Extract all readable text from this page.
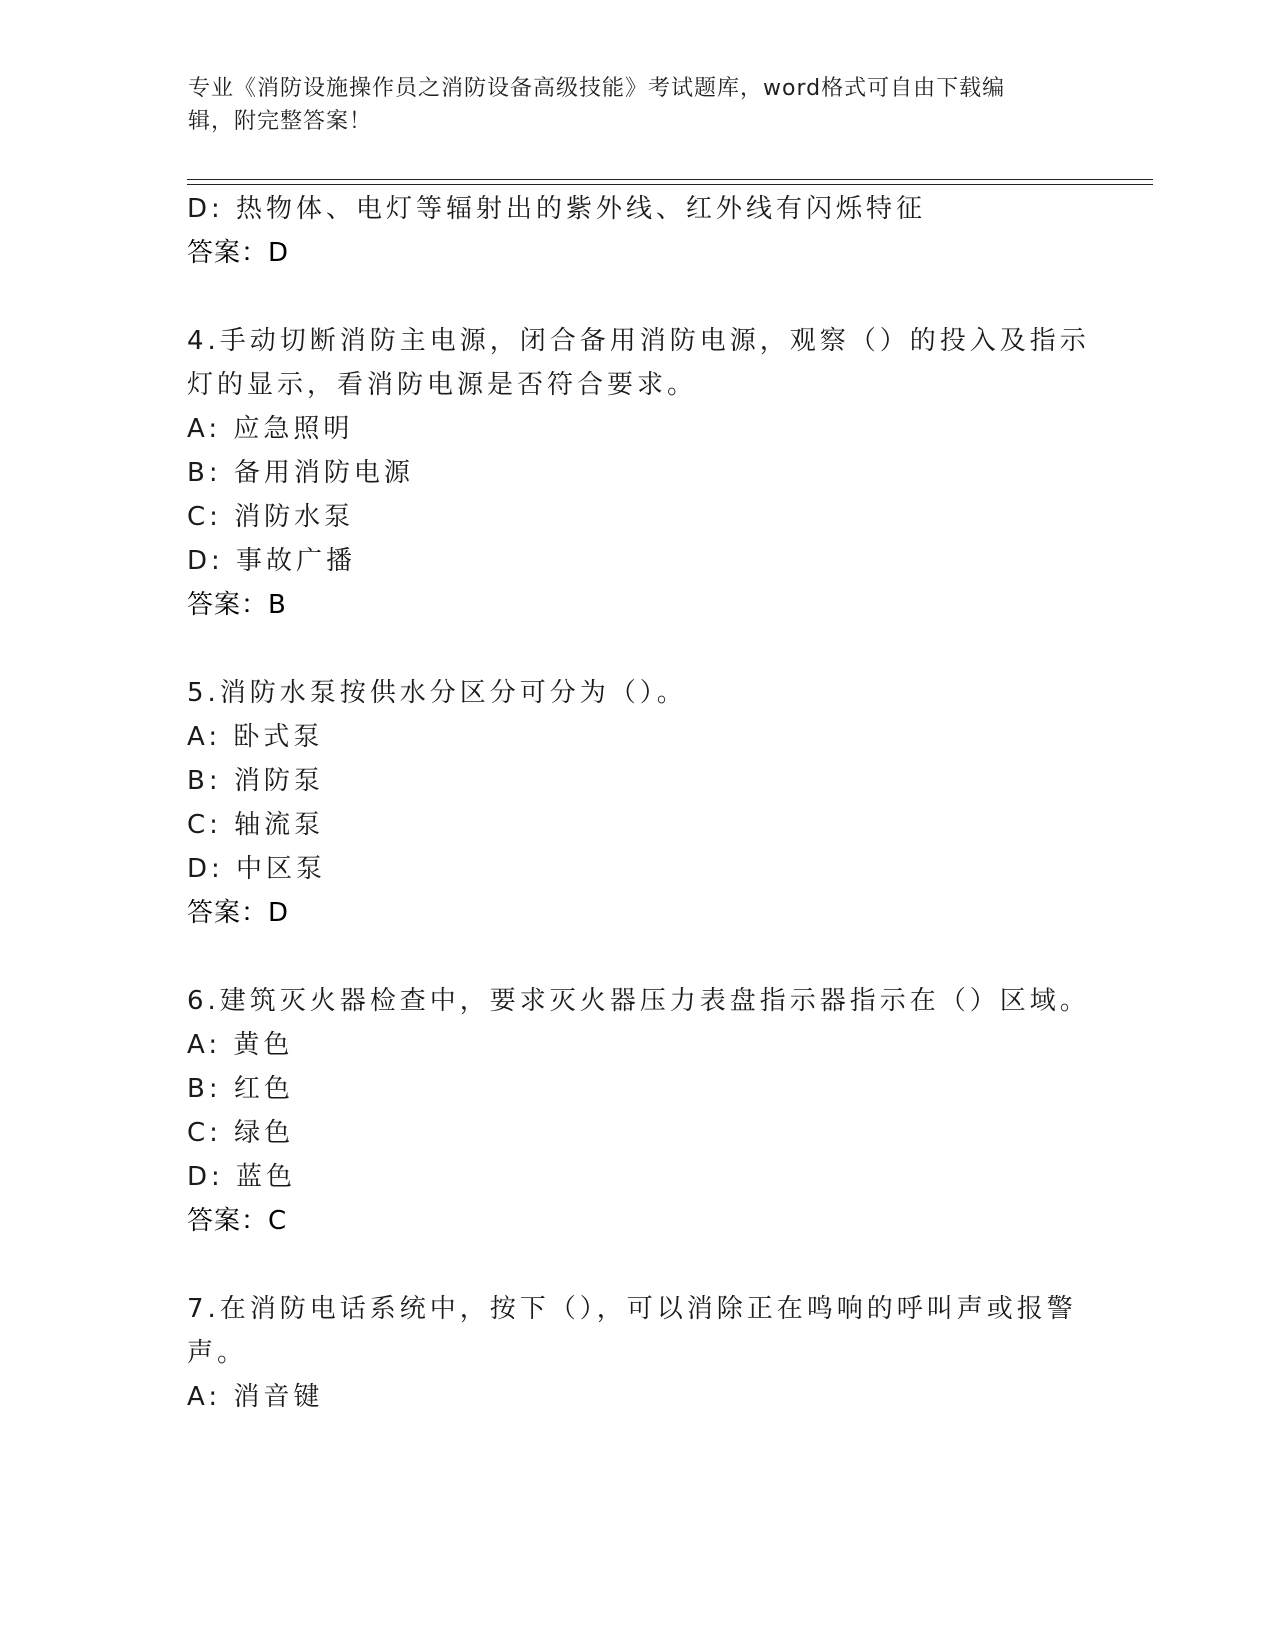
专业《消防设施操作员之消防设备高级技能》考试题库，word格式可自由下载编
辑，附完整答案！
D: 热物体、电灯等辐射出的紫外线、红外线有闪烁特征
答案：D
4.手动切断消防主电源，闭合备用消防电源，观察（）的投入及指示
灯的显示，看消防电源是否符合要求。
A: 应急照明
B: 备用消防电源
C: 消防水泵
D: 事故广播
答案：B
5.消防水泵按供水分区分可分为（）。
A: 卧式泵
B: 消防泵
C: 轴流泵
D: 中区泵
答案：D
6.建筑灭火器检查中，要求灭火器压力表盘指示器指示在（）区域。
A: 黄色
B: 红色
C: 绿色
D: 蓝色
答案：C
7.在消防电话系统中，按下（），可以消除正在鸣响的呼叫声或报警
声。
A: 消音键
